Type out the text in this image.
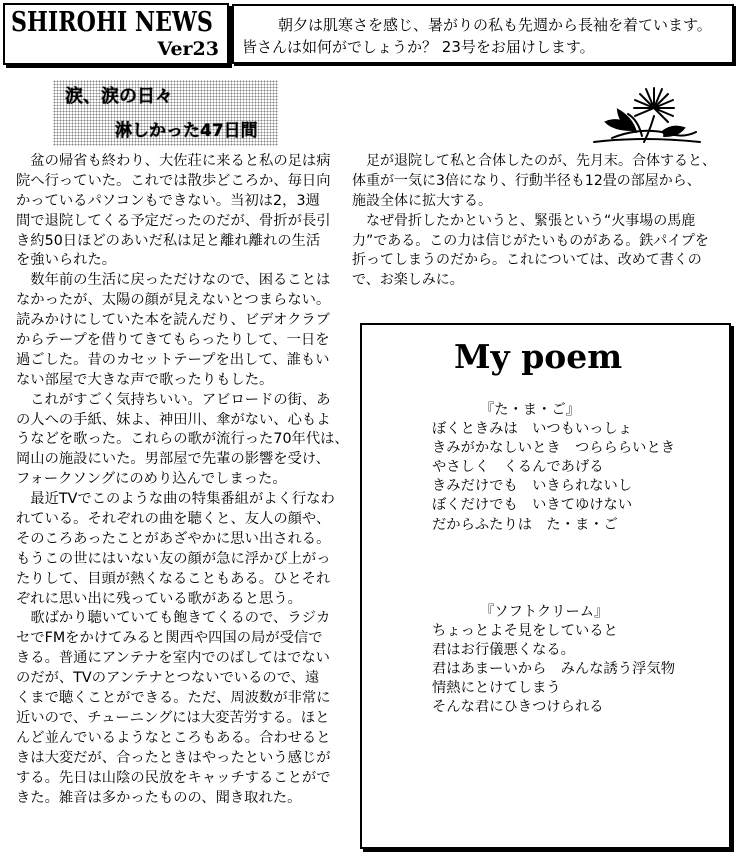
SHIROHI NEWS
Ver23
朝夕は肌寒さを感じ、暑がりの私も先週から長袖を着ています。
皆さんは如何がでしょうか？ 23号をお届けします。
涙、涙の日々
淋しかった47日間
　盆の帰省も終わり、大佐荘に来ると私の足は病
院へ行っていた。これでは散歩どころか、毎日向
かっているパソコンもできない。当初は2，3週
間で退院してくる予定だったのだが、骨折が長引
き約50日ほどのあいだ私は足と離れ離れの生活
を強いられた。
　数年前の生活に戻っただけなので、困ることは
なかったが、太陽の顔が見えないとつまらない。
読みかけにしていた本を読んだり、ビデオクラブ
からテープを借りてきてもらったりして、一日を
過ごした。昔のカセットテープを出して、誰もい
ない部屋で大きな声で歌ったりもした。
　これがすごく気持ちいい。アビロードの街、あ
の人への手紙、妹よ、神田川、傘がない、心もよ
うなどを歌った。これらの歌が流行った70年代は、
岡山の施設にいた。男部屋で先輩の影響を受け、
フォークソングにのめり込んでしまった。
　最近TVでこのような曲の特集番組がよく行なわ
れている。それぞれの曲を聴くと、友人の顔や、
そのころあったことがあざやかに思い出される。
もうこの世にはいない友の顔が急に浮かび上がっ
たりして、目頭が熱くなることもある。ひとそれ
ぞれに思い出に残っている歌があると思う。
　歌ばかり聴いていても飽きてくるので、ラジカ
セでFMをかけてみると関西や四国の局が受信で
きる。普通にアンテナを室内でのばしてはでない
のだが、TVのアンテナとつないでいるので、遠
くまで聴くことができる。ただ、周波数が非常に
近いので、チューニングには大変苦労する。ほと
んど並んでいるようなところもある。合わせると
きは大変だが、合ったときはやったという感じが
する。先日は山陰の民放をキャッチすることがで
きた。雑音は多かったものの、聞き取れた。
　足が退院して私と合体したのが、先月末。合体すると、
体重が一気に3倍になり、行動半径も12畳の部屋から、
施設全体に拡大する。
　なぜ骨折したかというと、緊張という“火事場の馬鹿
力”である。この力は信じがたいものがある。鉄パイプを
折ってしまうのだから。これについては、改めて書くの
で、お楽しみに。
My poem
『た・ま・ご』
ぼくときみは　いつもいっしょ
きみがかなしいとき　つらららいとき
やさしく　くるんであげる
きみだけでも　いきられないし
ぼくだけでも　いきてゆけない
だからふたりは　た・ま・ご
『ソフトクリーム』
ちょっとよそ見をしていると
君はお行儀悪くなる。
君はあまーいから　みんな誘う浮気物
情熱にとけてしまう
そんな君にひきつけられる
